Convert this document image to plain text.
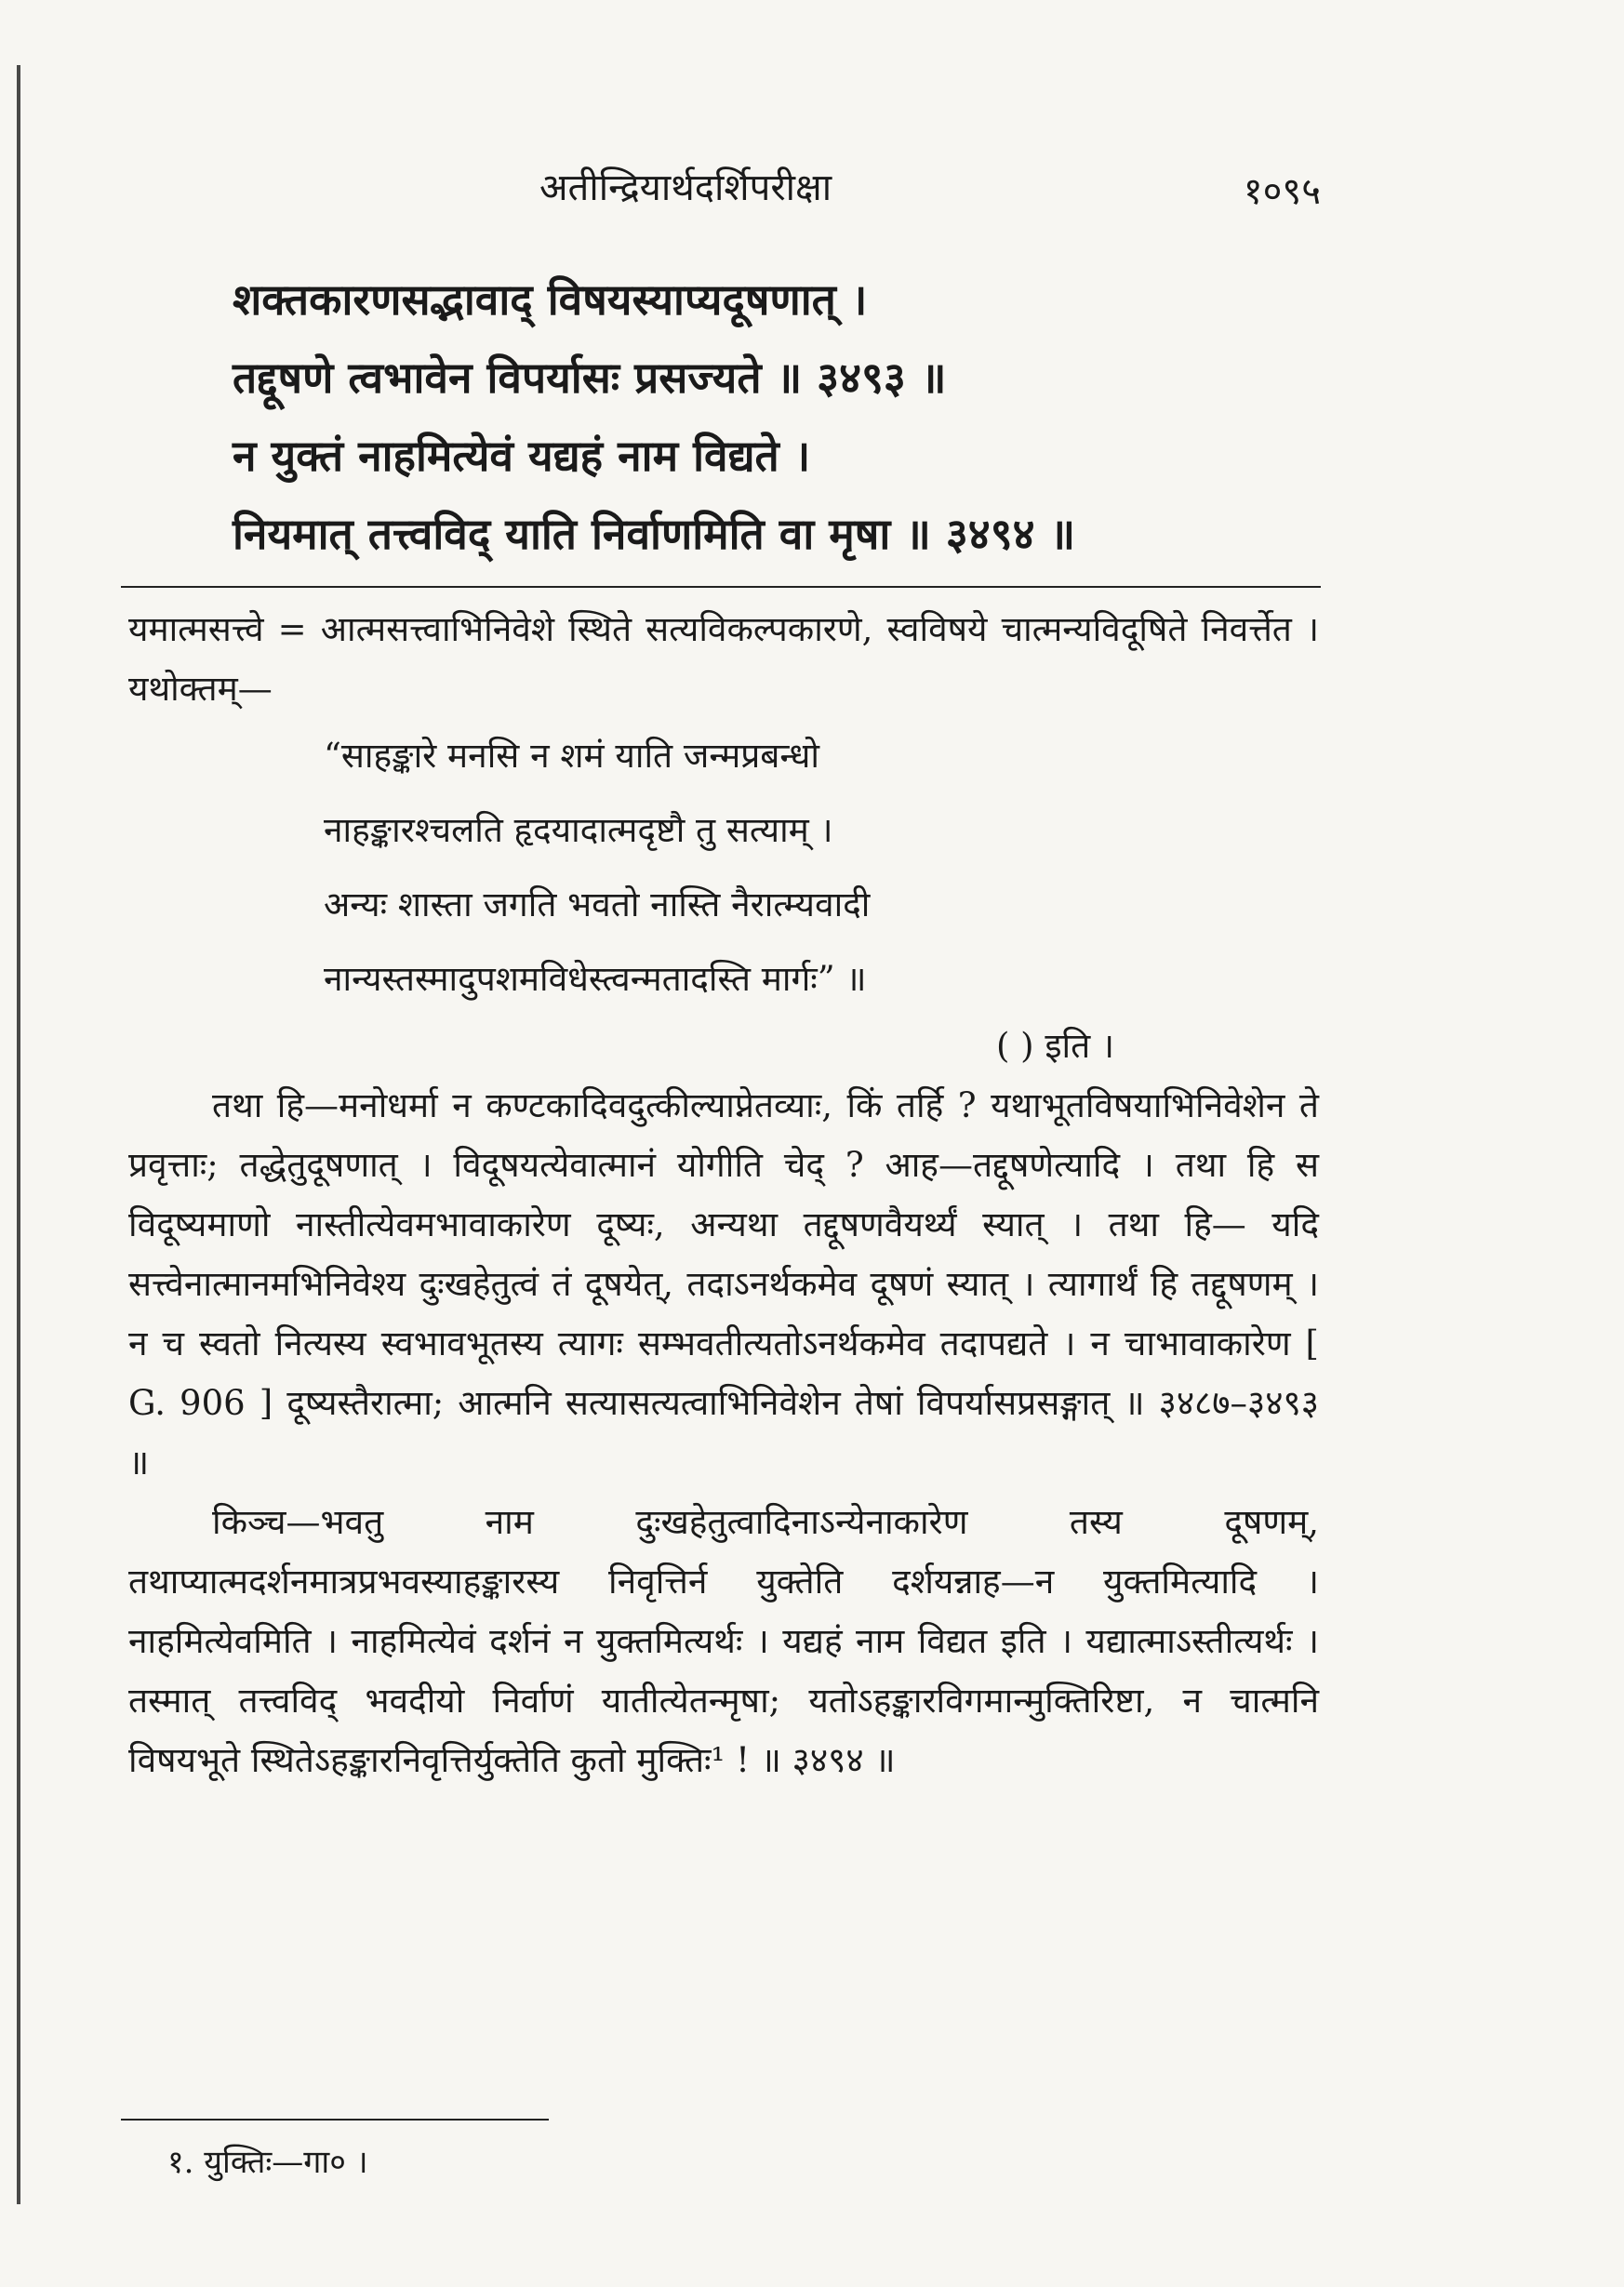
अतीन्द्रियार्थदर्शिपरीक्षा	१०९५
शक्तकारणसद्भावाद् विषयस्याप्यदूषणात् ।
तद्दूषणे त्वभावेन विपर्यासः प्रसज्यते ॥ ३४९३ ॥
न युक्तं नाहमित्येवं यद्यहं नाम विद्यते ।
नियमात् तत्त्वविद् याति निर्वाणमिति वा मृषा ॥ ३४९४ ॥

यमात्मसत्त्वे = आत्मसत्त्वाभिनिवेशे स्थिते सत्यविकल्पकारणे, स्वविषये चात्मन्यविदूषिते निवर्त्तेत । यथोक्तम्—

“साहङ्कारे मनसि न शमं याति जन्मप्रबन्धो
नाहङ्कारश्चलति हृदयादात्मदृष्टौ तु सत्याम् ।
अन्यः शास्ता जगति भवतो नास्ति नैरात्म्यवादी
नान्यस्तस्मादुपशमविधेस्त्वन्मतादस्ति मार्गः” ॥

( ) इति ।

तथा हि—मनोधर्मा न कण्टकादिवदुत्कील्याप्नेतव्याः, किं तर्हि ? यथाभूतविषयाभिनिवेशेन ते प्रवृत्ताः; तद्धेतुदूषणात् । विदूषयत्येवात्मानं योगीति चेद् ? आह—तद्दूषणेत्यादि । तथा हि स विदूष्यमाणो नास्तीत्येवमभावाकारेण दूष्यः, अन्यथा तद्दूषणवैयर्थ्यं स्यात् । तथा हि— यदि सत्त्वेनात्मानमभिनिवेश्य दुःखहेतुत्वं तं दूषयेत्, तदाऽनर्थकमेव दूषणं स्यात् । त्यागार्थं हि तद्दूषणम् । न च स्वतो नित्यस्य स्वभावभूतस्य त्यागः सम्भवतीत्यतोऽनर्थकमेव तदापद्यते । न चाभावाकारेण [ G. 906 ] दूष्यस्तैरात्मा; आत्मनि सत्यासत्यत्वाभिनिवेशेन तेषां विपर्यासप्रसङ्गात् ॥ ३४८७–३४९३ ॥

किञ्च—भवतु नाम दुःखहेतुत्वादिनाऽन्येनाकारेण तस्य दूषणम्, तथाप्यात्मदर्शनमात्रप्रभवस्याहङ्कारस्य निवृत्तिर्न युक्तेति दर्शयन्नाह—न युक्तमित्यादि । नाहमित्येवमिति । नाहमित्येवं दर्शनं न युक्तमित्यर्थः । यद्यहं नाम विद्यत इति । यद्यात्माऽस्तीत्यर्थः । तस्मात् तत्त्वविद् भवदीयो निर्वाणं यातीत्येतन्मृषा; यतोऽहङ्कारविगमान्मुक्तिरिष्टा, न चात्मनि विषयभूते स्थितेऽहङ्कारनिवृत्तिर्युक्तेति कुतो मुक्तिः¹ ! ॥ ३४९४ ॥

१. युक्तिः—गा० ।
